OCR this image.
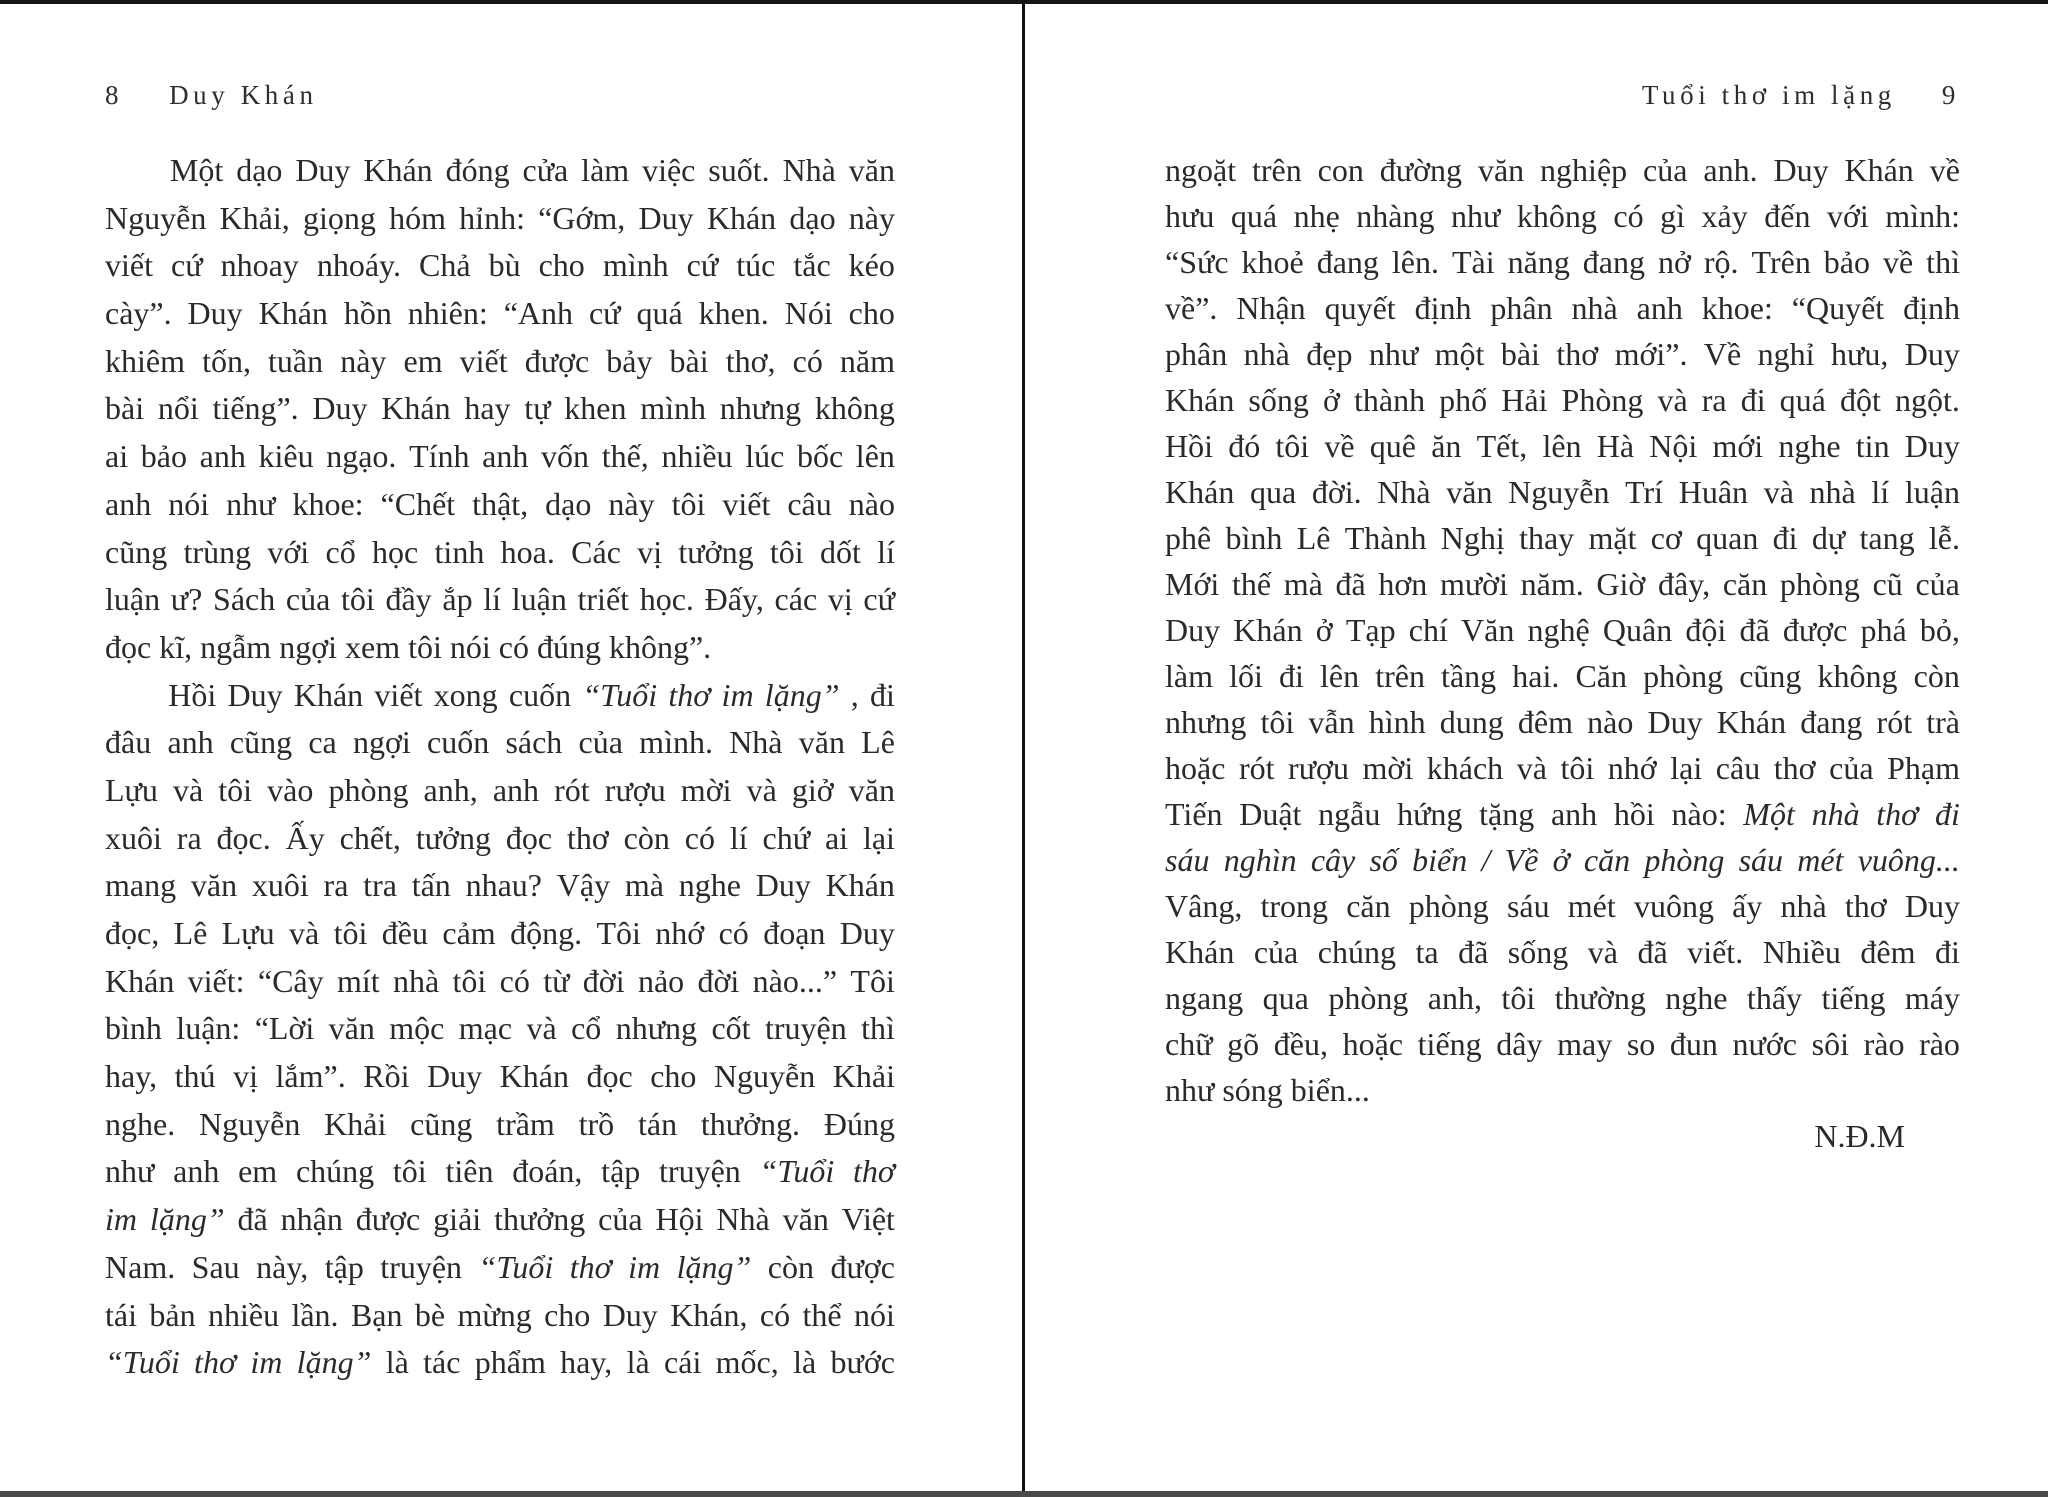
8 Duy Khán
Một dạo Duy Khán đóng cửa làm việc suốt. Nhà văn
Nguyễn Khải, giọng hóm hỉnh: “Gớm, Duy Khán dạo này
viết cứ nhoay nhoáy. Chả bù cho mình cứ túc tắc kéo
cày”. Duy Khán hồn nhiên: “Anh cứ quá khen. Nói cho
khiêm tốn, tuần này em viết được bảy bài thơ, có năm
bài nổi tiếng”. Duy Khán hay tự khen mình nhưng không
ai bảo anh kiêu ngạo. Tính anh vốn thế, nhiều lúc bốc lên
anh nói như khoe: “Chết thật, dạo này tôi viết câu nào
cũng trùng với cổ học tinh hoa. Các vị tưởng tôi dốt lí
luận ư? Sách của tôi đầy ắp lí luận triết học. Đấy, các vị cứ
đọc kĩ, ngẫm ngợi xem tôi nói có đúng không”.
Hồi Duy Khán viết xong cuốn “Tuổi thơ im lặng” , đi
đâu anh cũng ca ngợi cuốn sách của mình. Nhà văn Lê
Lựu và tôi vào phòng anh, anh rót rượu mời và giở văn
xuôi ra đọc. Ấy chết, tưởng đọc thơ còn có lí chứ ai lại
mang văn xuôi ra tra tấn nhau? Vậy mà nghe Duy Khán
đọc, Lê Lựu và tôi đều cảm động. Tôi nhớ có đoạn Duy
Khán viết: “Cây mít nhà tôi có từ đời nảo đời nào...” Tôi
bình luận: “Lời văn mộc mạc và cổ nhưng cốt truyện thì
hay, thú vị lắm”. Rồi Duy Khán đọc cho Nguyễn Khải
nghe. Nguyễn Khải cũng trầm trồ tán thưởng. Đúng
như anh em chúng tôi tiên đoán, tập truyện “Tuổi thơ
im lặng” đã nhận được giải thưởng của Hội Nhà văn Việt
Nam. Sau này, tập truyện “Tuổi thơ im lặng” còn được
tái bản nhiều lần. Bạn bè mừng cho Duy Khán, có thể nói
“Tuổi thơ im lặng” là tác phẩm hay, là cái mốc, là bước
Tuổi thơ im lặng 9
ngoặt trên con đường văn nghiệp của anh. Duy Khán về
hưu quá nhẹ nhàng như không có gì xảy đến với mình:
“Sức khoẻ đang lên. Tài năng đang nở rộ. Trên bảo về thì
về”. Nhận quyết định phân nhà anh khoe: “Quyết định
phân nhà đẹp như một bài thơ mới”. Về nghỉ hưu, Duy
Khán sống ở thành phố Hải Phòng và ra đi quá đột ngột.
Hồi đó tôi về quê ăn Tết, lên Hà Nội mới nghe tin Duy
Khán qua đời. Nhà văn Nguyễn Trí Huân và nhà lí luận
phê bình Lê Thành Nghị thay mặt cơ quan đi dự tang lễ.
Mới thế mà đã hơn mười năm. Giờ đây, căn phòng cũ của
Duy Khán ở Tạp chí Văn nghệ Quân đội đã được phá bỏ,
làm lối đi lên trên tầng hai. Căn phòng cũng không còn
nhưng tôi vẫn hình dung đêm nào Duy Khán đang rót trà
hoặc rót rượu mời khách và tôi nhớ lại câu thơ của Phạm
Tiến Duật ngẫu hứng tặng anh hồi nào: Một nhà thơ đi
sáu nghìn cây số biển / Về ở căn phòng sáu mét vuông...
Vâng, trong căn phòng sáu mét vuông ấy nhà thơ Duy
Khán của chúng ta đã sống và đã viết. Nhiều đêm đi
ngang qua phòng anh, tôi thường nghe thấy tiếng máy
chữ gõ đều, hoặc tiếng dây may so đun nước sôi rào rào
như sóng biển...
N.Đ.M
